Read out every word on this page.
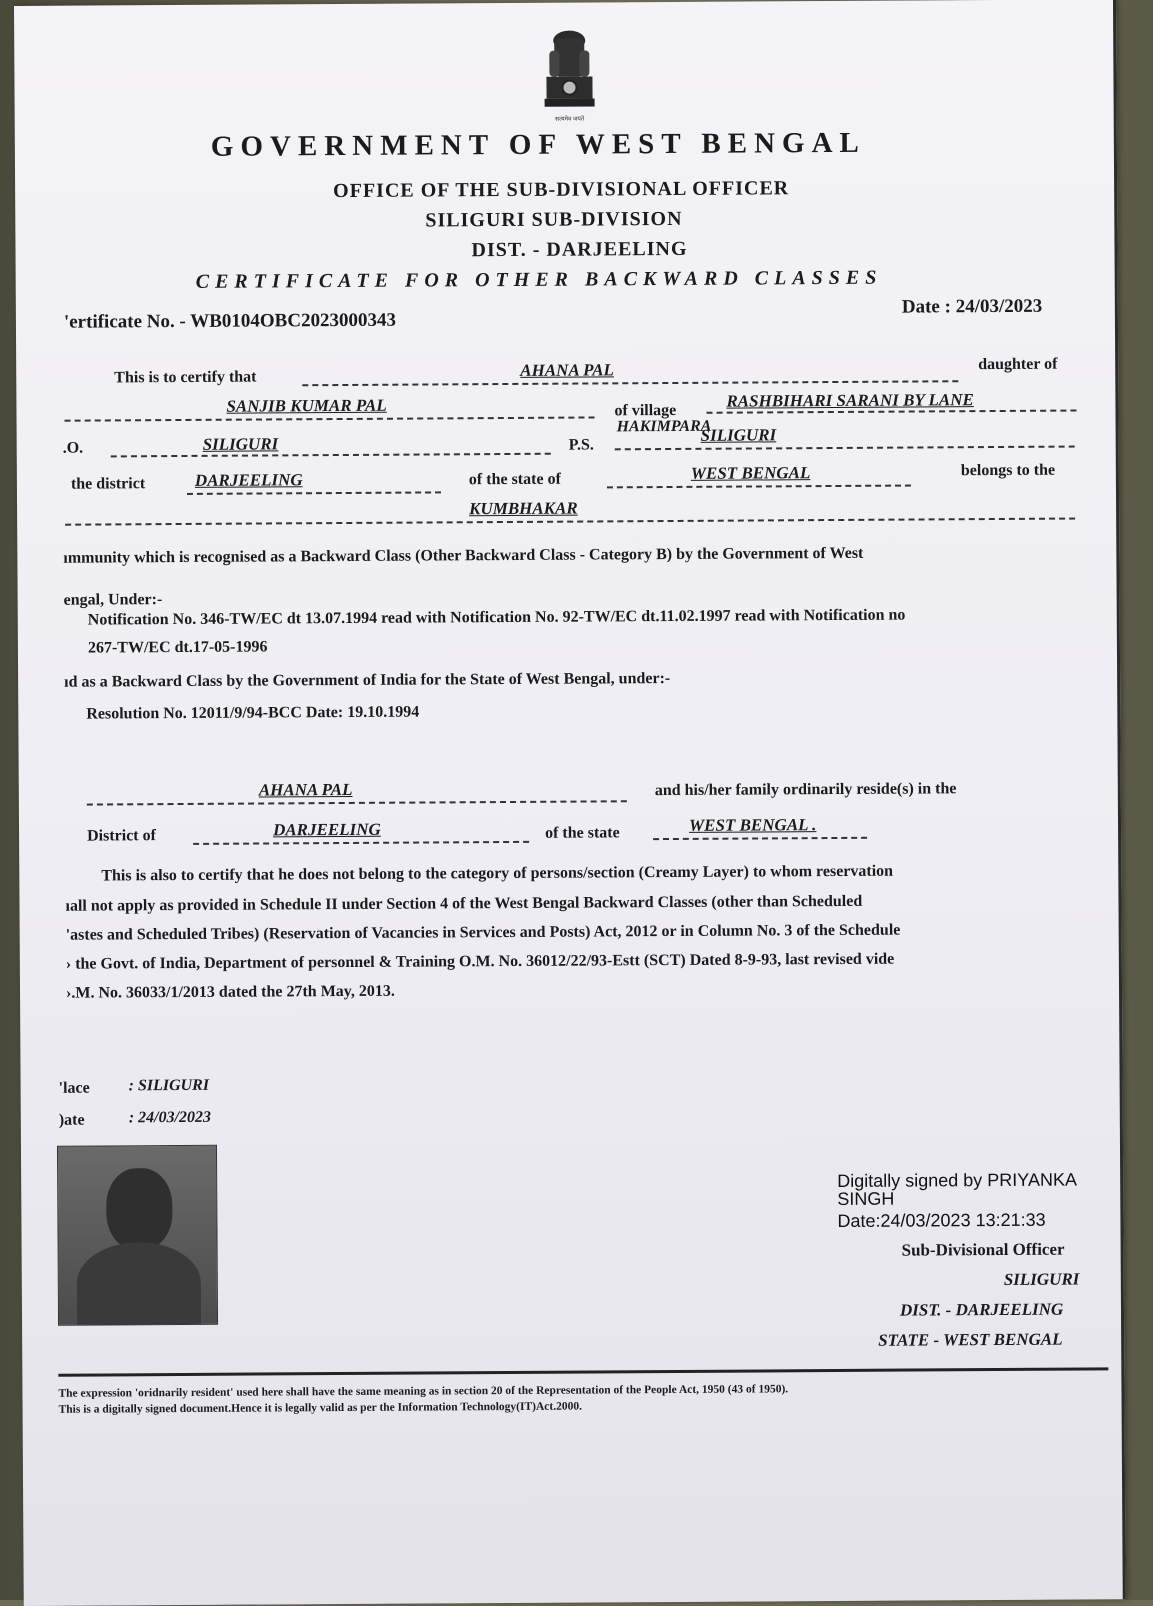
सत्यमेव जयते
GOVERNMENT OF WEST BENGAL
OFFICE OF THE SUB-DIVISIONAL OFFICER
SILIGURI SUB-DIVISION
DIST. - DARJEELING
CERTIFICATE FOR OTHER BACKWARD CLASSES
'ertificate No. - WB0104OBC2023000343
Date : 24/03/2023
This is to certify that	AHANA PAL	daughter of
SANJIB KUMAR PAL	of village	RASHBIHARI SARANI BY LANE
.O.	SILIGURI	P.S.
HAKIMPARA
SILIGURI
the district	DARJEELING	of the state of	WEST BENGAL	belongs to the
KUMBHAKAR
ımmunity which is recognised as a Backward Class (Other Backward Class - Category B) by the Government of West
engal, Under:-
Notification No. 346-TW/EC dt 13.07.1994 read with Notification No. 92-TW/EC dt.11.02.1997 read with Notification no
267-TW/EC dt.17-05-1996
ıd as a Backward Class by the Government of India for the State of West Bengal, under:-
Resolution No. 12011/9/94-BCC Date: 19.10.1994
AHANA PAL	and his/her family ordinarily reside(s) in the
District of	DARJEELING	of the state	WEST BENGAL .
This is also to certify that he does not belong to the category of persons/section (Creamy Layer) to whom reservation
ıall not apply as provided in Schedule II under Section 4 of the West Bengal Backward Classes (other than Scheduled
'astes and Scheduled Tribes) (Reservation of Vacancies in Services and Posts) Act, 2012 or in Column No. 3 of the Schedule
› the Govt. of India, Department of personnel & Training O.M. No. 36012/22/93-Estt (SCT) Dated 8-9-93, last revised vide
›.M. No. 36033/1/2013 dated the 27th May, 2013.
'lace : SILIGURI
)ate	: 24/03/2023
Digitally signed by PRIYANKA
SINGH
Date:24/03/2023 13:21:33
Sub-Divisional Officer
SILIGURI
DIST. - DARJEELING
STATE - WEST BENGAL
The expression 'oridnarily resident' used here shall have the same meaning as in section 20 of the Representation of the People Act, 1950 (43 of 1950).
This is a digitally signed document.Hence it is legally valid as per the Information Technology(IT)Act.2000.
